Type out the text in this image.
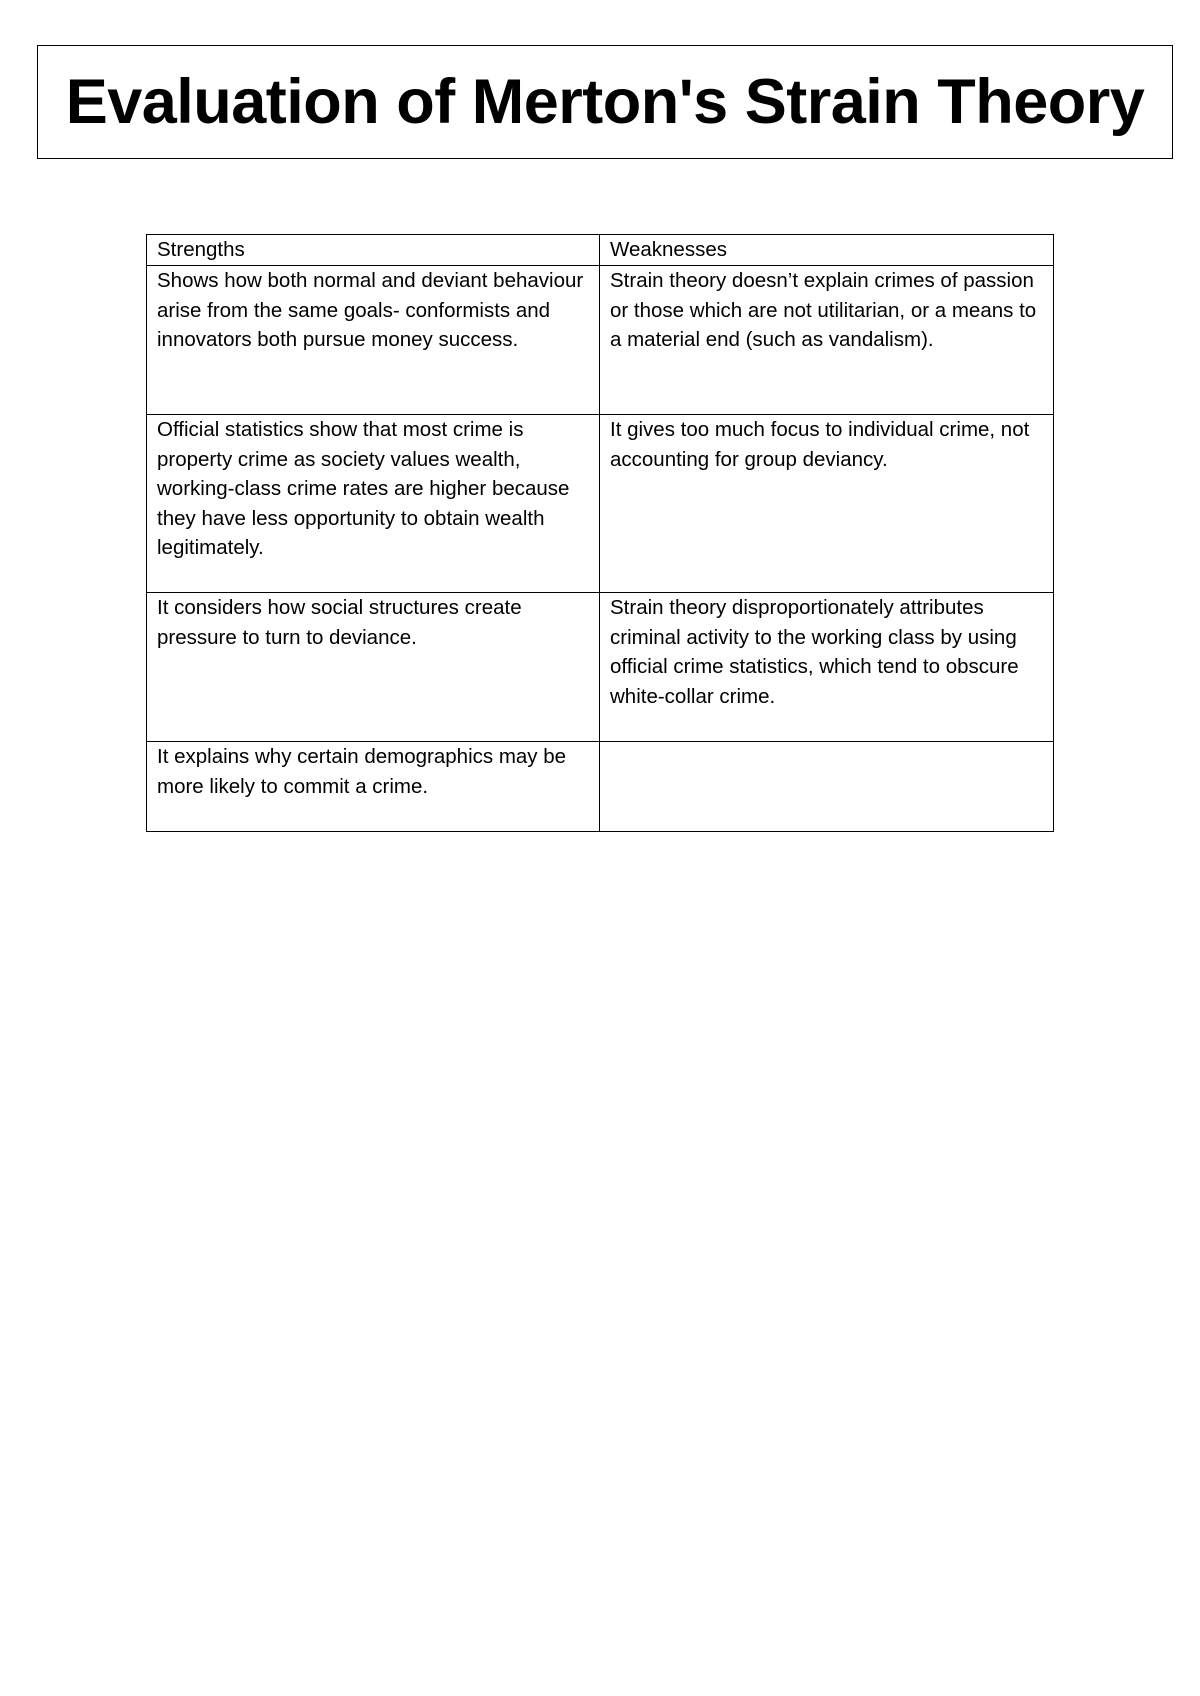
Evaluation of Merton's Strain Theory
Strengths	Weaknesses

Shows how both normal and deviant behaviour arise from the same goals- conformists and innovators both pursue money success.	Strain theory doesn’t explain crimes of passion or those which are not utilitarian, or a means to a material end (such as vandalism).

Official statistics show that most crime is property crime as society values wealth, working-class crime rates are higher because they have less opportunity to obtain wealth legitimately.	It gives too much focus to individual crime, not accounting for group deviancy.

It considers how social structures create pressure to turn to deviance.	Strain theory disproportionately attributes criminal activity to the working class by using official crime statistics, which tend to obscure white-collar crime.

It explains why certain demographics may be more likely to commit a crime.	
